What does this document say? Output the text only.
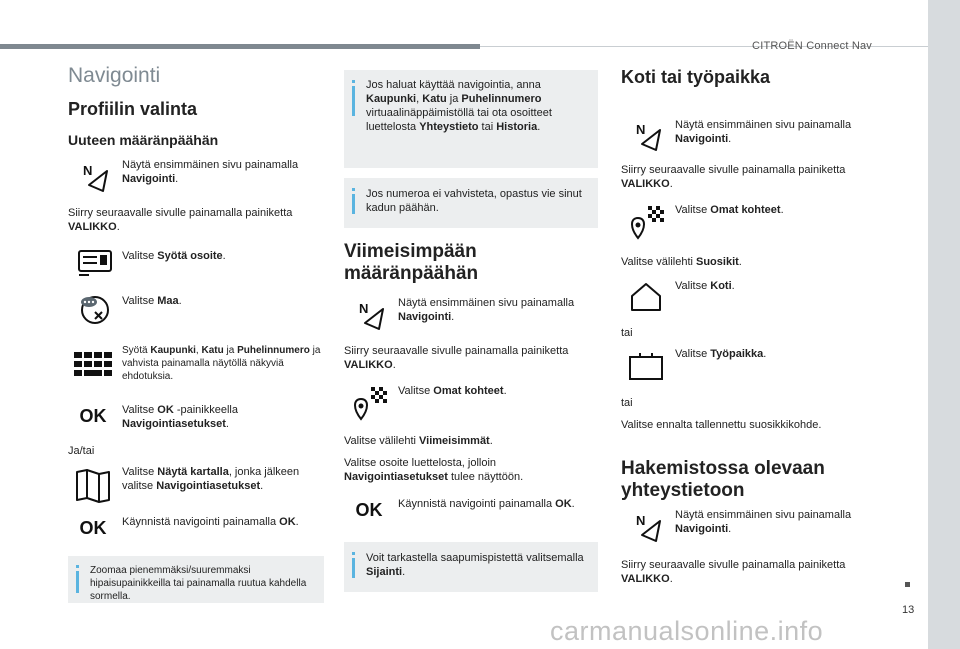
CITROËN Connect Nav
13
carmanualsonline.info
Navigointi
Profiilin valinta
Uuteen määränpäähän
N	Näytä ensimmäinen sivu painamalla Navigointi.
Siirry seuraavalle sivulle painamalla painiketta VALIKKO.
Valitse Syötä osoite.
Valitse Maa.
Syötä Kaupunki, Katu ja Puhelinnumero ja vahvista painamalla näytöllä näkyviä ehdotuksia.
OK Valitse OK -painikkeella Navigointiasetukset.
Ja/tai
Valitse Näytä kartalla, jonka jälkeen valitse Navigointiasetukset.
OK Käynnistä navigointi painamalla OK.
Zoomaa pienemmäksi/suuremmaksi hipaisupainikkeilla tai painamalla ruutua kahdella sormella.
Jos haluat käyttää navigointia, anna Kaupunki, Katu ja Puhelinnumero virtuaalinäppäimistöllä tai ota osoitteet luettelosta Yhteystieto tai Historia.
Jos numeroa ei vahvisteta, opastus vie sinut kadun päähän.
Viimeisimpään määränpäähän
N	Näytä ensimmäinen sivu painamalla Navigointi.
Siirry seuraavalle sivulle painamalla painiketta VALIKKO.
Valitse Omat kohteet.
Valitse välilehti Viimeisimmät.
Valitse osoite luettelosta, jolloin Navigointiasetukset tulee näyttöön.
OK Käynnistä navigointi painamalla OK.
Voit tarkastella saapumispistettä valitsemalla Sijainti.
Koti tai työpaikka
N	Näytä ensimmäinen sivu painamalla Navigointi.
Siirry seuraavalle sivulle painamalla painiketta VALIKKO.
Valitse Omat kohteet.
Valitse välilehti Suosikit.
Valitse Koti.
tai
Valitse Työpaikka.
tai
Valitse ennalta tallennettu suosikkikohde.
Hakemistossa olevaan yhteystietoon
N	Näytä ensimmäinen sivu painamalla Navigointi.
Siirry seuraavalle sivulle painamalla painiketta VALIKKO.
